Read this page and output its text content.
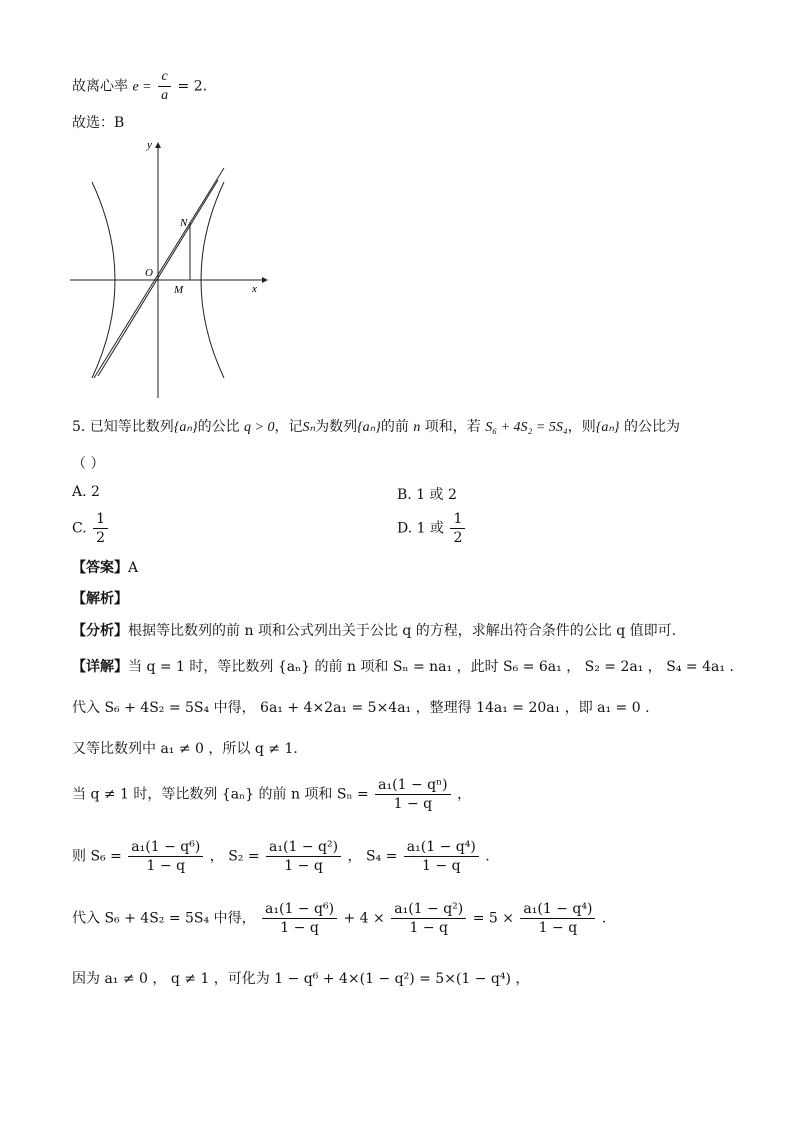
故离心率 $e = \frac{c}{a} = 2$.
故选：B
y
x
O
M
N
5. 已知等比数列{aₙ}的公比 q > 0，记Sₙ为数列{aₙ}的前 n 项和，若 S₆ + 4S₂ = 5S₄，则{aₙ} 的公比为
（ ）
A. 2	B. 1 或 2
C. $\frac{1}{2}$	D. 1 或 $\frac{1}{2}$
【答案】A
【解析】
【分析】根据等比数列的前 n 项和公式列出关于公比 q 的方程，求解出符合条件的公比 q 值即可.
【详解】当 q = 1 时，等比数列 {aₙ} 的前 n 项和 Sₙ = na₁ ，此时 S₆ = 6a₁ ， S₂ = 2a₁ ， S₄ = 4a₁ .
代入 S₆ + 4S₂ = 5S₄ 中得， 6a₁ + 4×2a₁ = 5×4a₁ ，整理得 14a₁ = 20a₁ ，即 a₁ = 0 .
又等比数列中 a₁ ≠ 0 ，所以 q ≠ 1.
当 q ≠ 1 时，等比数列 {aₙ} 的前 n 项和 $S_n = \frac{\text{a₁(1 − qⁿ)}}{1 - q}$ ，
则 $S_6 = \frac{\text{a₁(1 − q⁶)}}{1 - q}$ ， $S_2 = \frac{\text{a₁(1 − q²)}}{1 - q}$ ， $S_4 = \frac{\text{a₁(1 − q⁴)}}{1 - q}$ .
代入 S₆ + 4S₂ = 5S₄ 中得， $\frac{\text{a₁(1 − q⁶)}}{1 - q} + 4 \times \frac{\text{a₁(1 − q²)}}{1 - q} = 5 \times \frac{\text{a₁(1 − q⁴)}}{1 - q}$ .
因为 a₁ ≠ 0 ， q ≠ 1 ，可化为 1 − q⁶ + 4×(1 − q²) = 5×(1 − q⁴) ，
